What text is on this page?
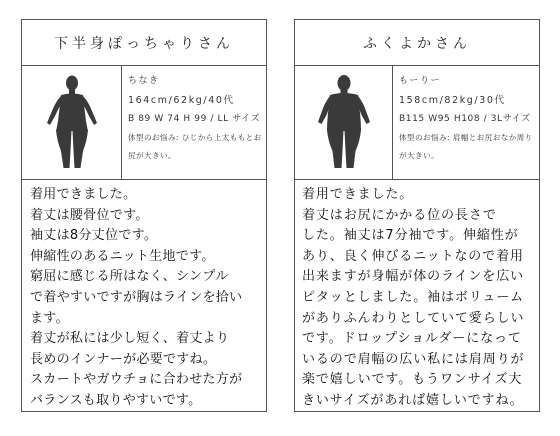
下半身ぽっちゃりさん
ちなき
164cm/62kg/40代
B 89 W 74 H 99 / LL サイズ
体型のお悩み: ひじから上太ももとお尻が大きい。

着用できました。

着丈は腰骨位です。

袖丈は8分丈位です。

伸縮性のあるニット生地です。

窮屈に感じる所はなく、シンプル

で着やすいですが胸はラインを拾い

ます。

着丈が私には少し短く、着丈より

長めのインナーが必要ですね。

スカートやガウチョに合わせた方が

バランスも取りやすいです。

ふくよかさん
もーりー
158cm/82kg/30代
B115 W95 H108 / 3Lサイズ
体型のお悩み: 肩幅とお尻おなか周りが大きい。

着用できました。

着丈はお尻にかかる位の長さで

した。袖丈は7分袖です。伸縮性が

あり、良く伸びるニットなので着用

出来ますが身幅が体のラインを広い

ピタッとしました。袖はボリューム

がありふんわりとしていて愛らしい

です。ドロップショルダーになって

いるので肩幅の広い私には肩周りが

楽で嬉しいです。もうワンサイズ大

きいサイズがあれば嬉しいですね。
